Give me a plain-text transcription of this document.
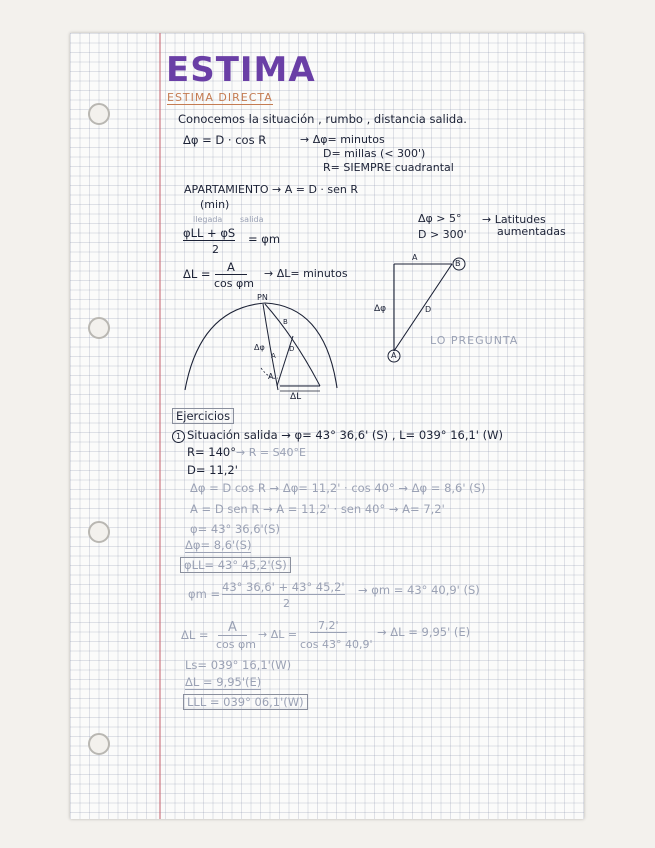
ESTIMA
ESTIMA DIRECTA
Conocemos la situación , rumbo , distancia salida.
Δφ = D · cos R	→ Δφ= minutos
D= millas (< 300')
R= SIEMPRE cuadrantal
APARTAMIENTO → A = D · sen R
(min)
llegada salida
φLL + φS = φm
2
Δφ > 5°
D > 300'
→ Latitudes
aumentadas
ΔL =	A
cos φm
→ ΔL= minutos
PN
B
D
A
Δφ
A
ΔL
A
B
Δφ	D
A
LO PREGUNTA
Ejercicios
1 Situación salida → φ= 43° 36,6' (S) , L= 039° 16,1' (W)
R= 140° → R = S40°E
D= 11,2'
Δφ = D cos R → Δφ= 11,2' · cos 40° → Δφ = 8,6' (S)
A = D sen R → A = 11,2' · sen 40° → A= 7,2'
φ= 43° 36,6'(S)
Δφ= 8,6'(S)
φLL= 43° 45,2'(S)
φm = 43° 36,6' + 43° 45,2'
2
→ φm = 43° 40,9' (S)
ΔL =	A
cos φm
→ ΔL =
7,2'
cos 43° 40,9'
→ ΔL = 9,95' (E)
Ls= 039° 16,1'(W)
ΔL = 9,95'(E)
LLL = 039° 06,1'(W)
